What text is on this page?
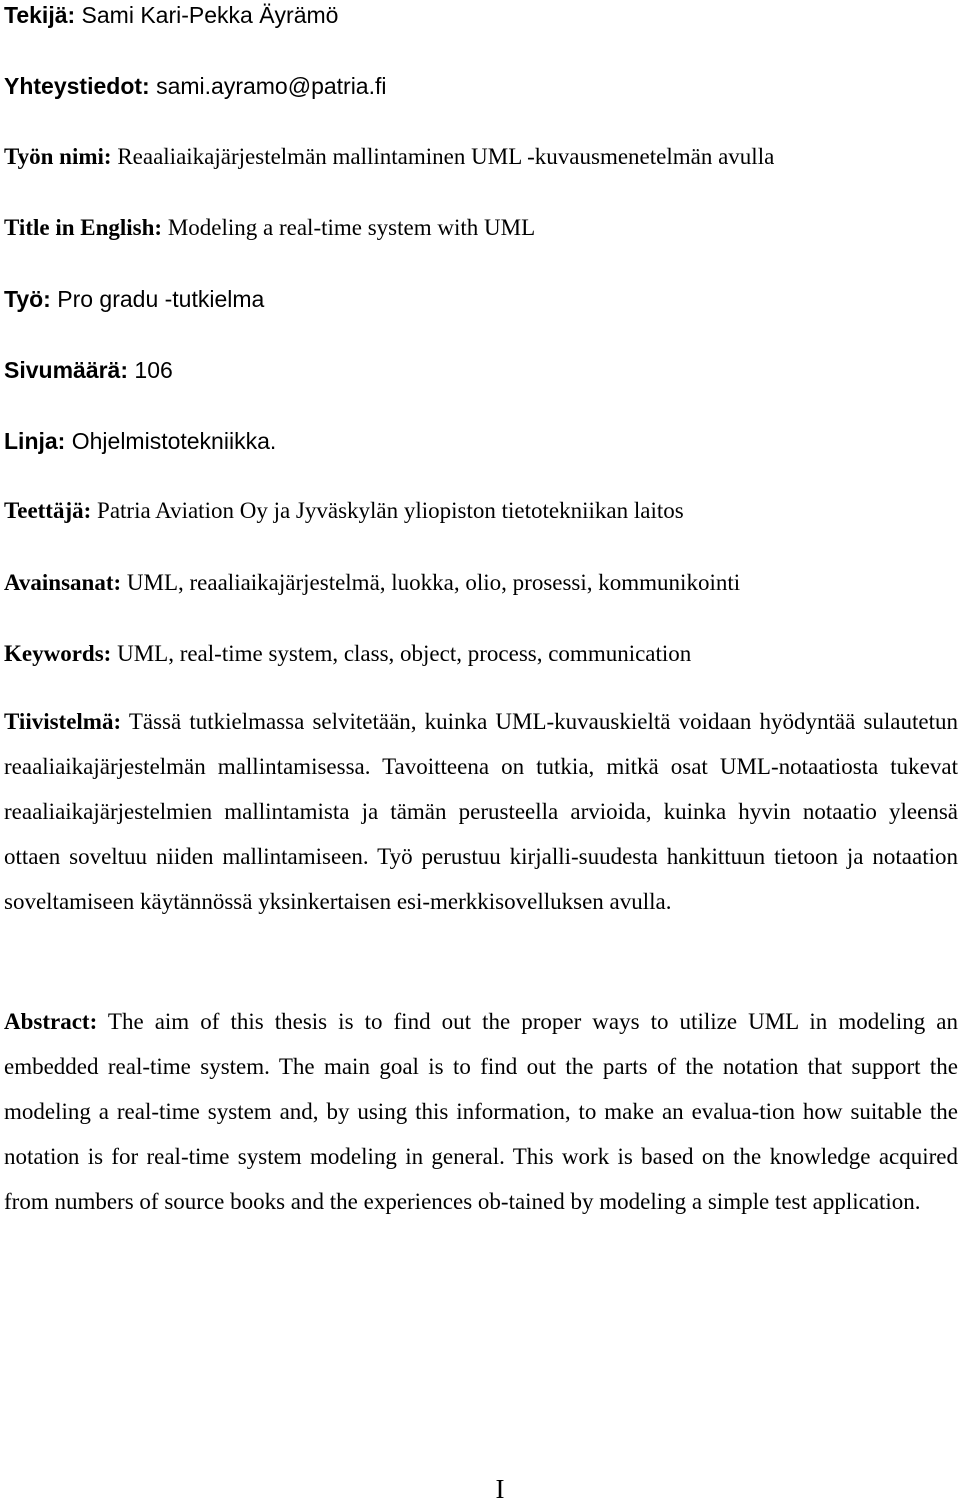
Tekijä: Sami Kari-Pekka Äyrämö
Yhteystiedot: sami.ayramo@patria.fi
Työn nimi: Reaaliaikajärjestelmän mallintaminen UML -kuvausmenetelmän avulla
Title in English: Modeling a real-time system with UML
Työ: Pro gradu -tutkielma
Sivumäärä: 106
Linja: Ohjelmistotekniikka.
Teettäjä: Patria Aviation Oy ja Jyväskylän yliopiston tietotekniikan laitos
Avainsanat: UML, reaaliaikajärjestelmä, luokka, olio, prosessi, kommunikointi
Keywords: UML, real-time system, class, object, process, communication
Tiivistelmä: Tässä tutkielmassa selvitetään, kuinka UML-kuvauskieltä voidaan hyödyntää sulautetun reaaliaikajärjestelmän mallintamisessa. Tavoitteena on tutkia, mitkä osat UML-notaatiosta tukevat reaaliaikajärjestelmien mallintamista ja tämän perusteella arvioida, kuinka hyvin notaatio yleensä ottaen soveltuu niiden mallintamiseen. Työ perustuu kirjalli-suudesta hankittuun tietoon ja notaation soveltamiseen käytännössä yksinkertaisen esi-merkkisovelluksen avulla.
Abstract: The aim of this thesis is to find out the proper ways to utilize UML in modeling an embedded real-time system. The main goal is to find out the parts of the notation that support the modeling a real-time system and, by using this information, to make an evalua-tion how suitable the notation is for real-time system modeling in general. This work is based on the knowledge acquired from numbers of source books and the experiences ob-tained by modeling a simple test application.
I
